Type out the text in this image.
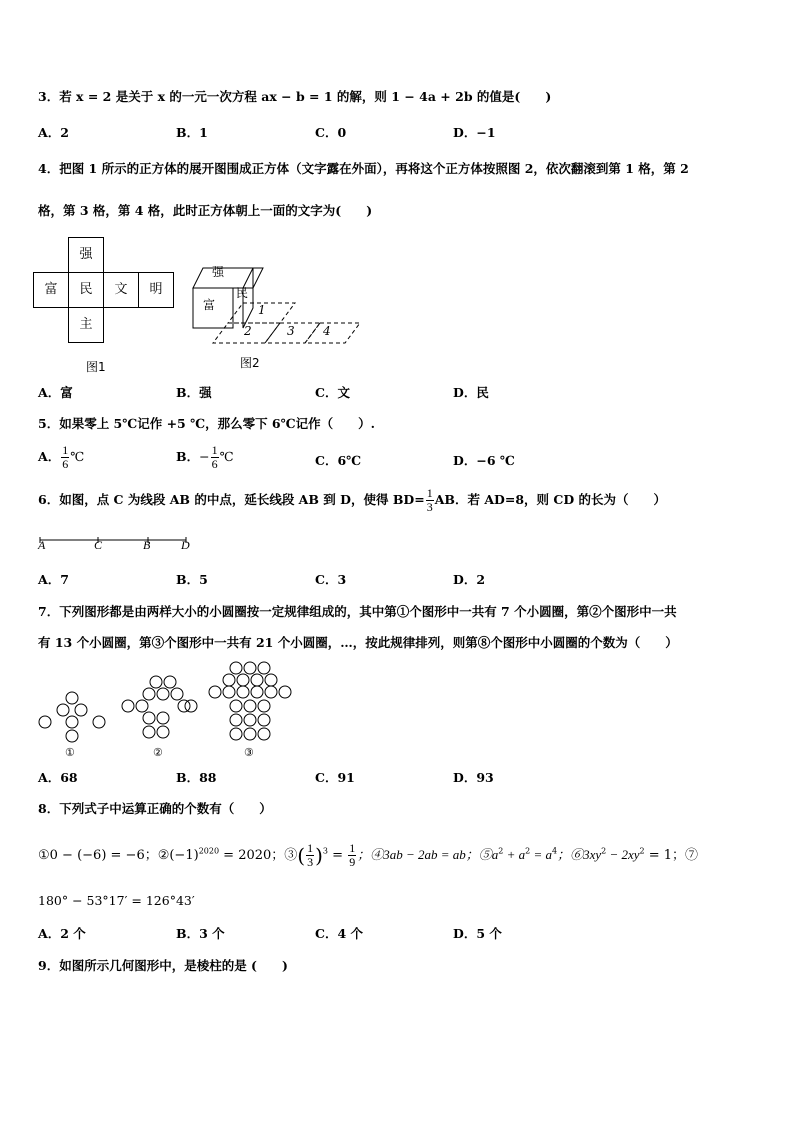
3．若 x = 2 是关于 x 的一元一次方程 ax − b = 1 的解，则 1 − 4a + 2b 的值是(　　)
A．2	B．1	C．0	D．−1
4．把图 1 所示的正方体的展开图围成正方体（文字露在外面），再将这个正方体按照图 2，依次翻滚到第 1 格，第 2
格，第 3 格，第 4 格，此时正方体朝上一面的文字为(　　)
强
富	民	文	明
主
图1
强
富
民
1
2	3 4
图2
A．富	B．强	C．文	D．民
5．如果零上 5℃记作 +5 ℃，那么零下 6℃记作（　　）.
A． $\frac{1}{6}$ ℃	B．− $\frac{1}{6}$ ℃	C．6℃	D．−6 ℃
6．如图，点 C 为线段 AB 的中点，延长线段 AB 到 D，使得 $BD= \frac{1}{3}$ AB．若 AD=8，则 CD 的长为（　　）
A	C	B	D
A．7	B．5	C．3	D．2
7．下列图形都是由两样大小的小圆圈按一定规律组成的，其中第①个图形中一共有 7 个小圆圈，第②个图形中一共
有 13 个小圆圈，第③个图形中一共有 21 个小圆圈，…，按此规律排列，则第⑧个图形中小圆圈的个数为（　　）
①	②	③
A．68	B．88	C．91	D．93
8．下列式子中运算正确的个数有（　　）
①0 − (−6) = −6；$②(-1)^{2020} = 2020$；③( $\frac{1}{3} )^3 = \frac{1}{9}$ ；④3ab − 2ab = ab；$⑤a^2 + a^2 = a^4$；$⑥3xy^2 - 2xy^2 = 1$；⑦
180° − 53°17′ = 126°43′
A．2 个	B．3 个	C．4 个	D．5 个
9．如图所示几何图形中，是棱柱的是 (　　)
